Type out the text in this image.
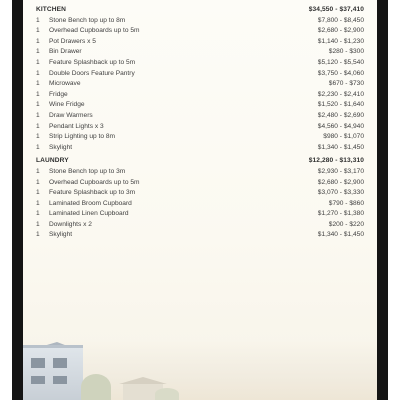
KITCHEN	$34,550 - $37,410
1	Stone Bench top up to 8m	$7,800 - $8,450
1	Overhead Cupboards up to 5m	$2,680 - $2,900
1	Pot Drawers x 5	$1,140 - $1,230
1	Bin Drawer	$280 - $300
1	Feature Splashback up to 5m	$5,120 - $5,540
1	Double Doors Feature Pantry	$3,750 - $4,060
1	Microwave	$670 - $730
1	Fridge	$2,230 - $2,410
1	Wine Fridge	$1,520 - $1,640
1	Draw Warmers	$2,480 - $2,690
1	Pendant Lights x 3	$4,560 - $4,940
1	Strip Lighting up to 8m	$980 - $1,070
1	Skylight	$1,340 - $1,450
LAUNDRY	$12,280 - $13,310
1	Stone Bench top up to 3m	$2,930 - $3,170
1	Overhead Cupboards up to 5m	$2,680 - $2,900
1	Feature Splashback up to 3m	$3,070 - $3,330
1	Laminated Broom Cupboard	$790 - $860
1	Laminated Linen Cupboard	$1,270 - $1,380
1	Downlights x 2	$200 - $220
1	Skylight	$1,340 - $1,450
